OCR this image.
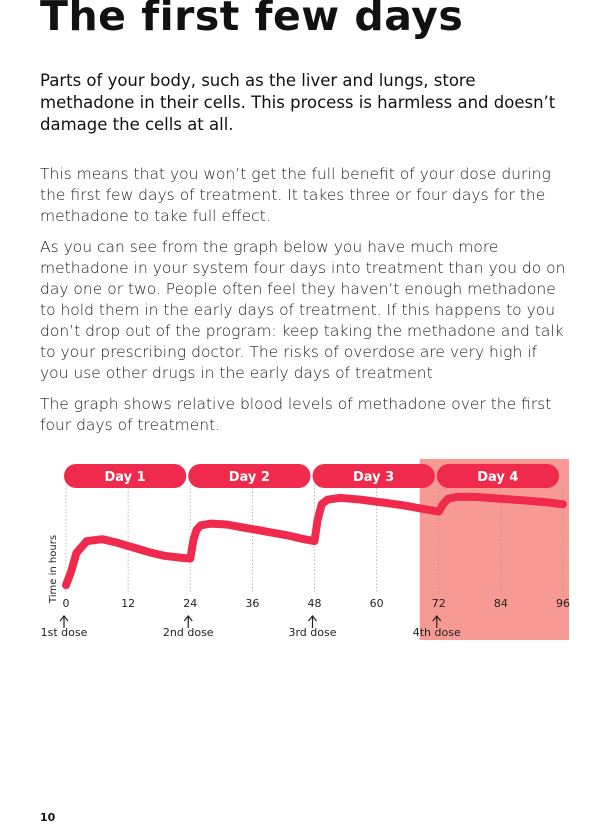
The first few days

Parts of your body, such as the liver and lungs, store methadone in their cells. This process is harmless and doesn’t damage the cells at all.

This means that you won’t get the full benefit of your dose during the first few days of treatment. It takes three or four days for the methadone to take full effect.

As you can see from the graph below you have much more methadone in your system four days into treatment than you do on day one or two. People often feel they haven’t enough methadone to hold them in the early days of treatment. If this happens to you don’t drop out of the program: keep taking the methadone and talk to your prescribing doctor. The risks of overdose are very high if you use other drugs in the early days of treatment

The graph shows relative blood levels of methadone over the first four days of treatment.

Day 1	Day 2	Day 3	Day 4
0	12	24	36	48	60	72	84	96
Time in hours
1st dose	2nd dose	3rd dose	4th dose

10
